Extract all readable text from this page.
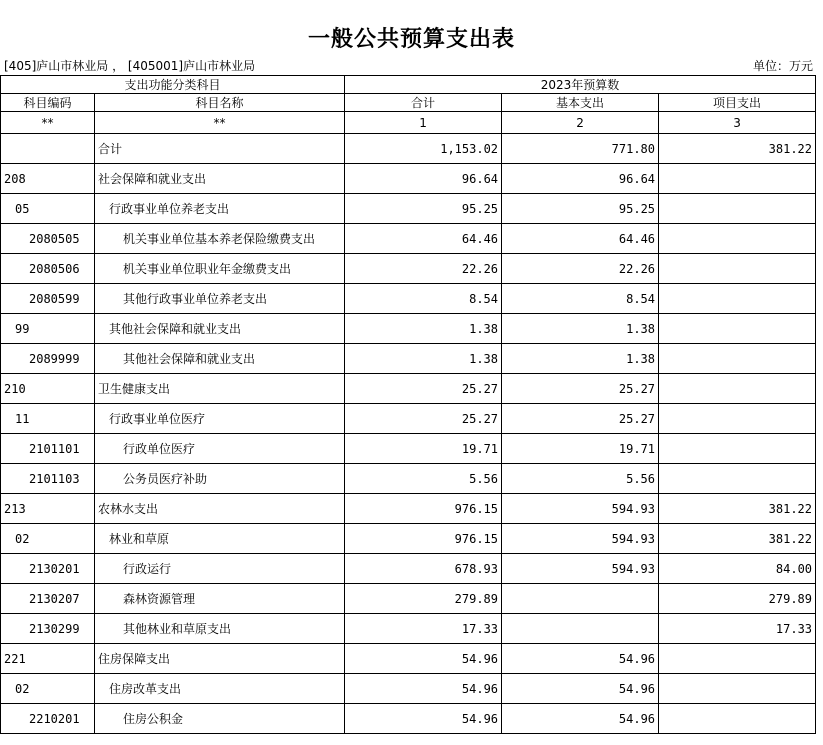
一般公共预算支出表
[405]庐山市林业局 ， [405001]庐山市林业局	单位：万元
支出功能分类科目		2023年预算数		
科目编码	科目名称	合计	基本支出	项目支出
**	**	1	2	3
	合计	1,153.02	771.80	381.22
208	社会保障和就业支出	96.64	96.64	
05	行政事业单位养老支出	95.25	95.25	
2080505	机关事业单位基本养老保险缴费支出	64.46	64.46	
2080506	机关事业单位职业年金缴费支出	22.26	22.26	
2080599	其他行政事业单位养老支出	8.54	8.54	
99	其他社会保障和就业支出	1.38	1.38	
2089999	其他社会保障和就业支出	1.38	1.38	
210	卫生健康支出	25.27	25.27	
11	行政事业单位医疗	25.27	25.27	
2101101	行政单位医疗	19.71	19.71	
2101103	公务员医疗补助	5.56	5.56	
213	农林水支出	976.15	594.93	381.22
02	林业和草原	976.15	594.93	381.22
2130201	行政运行	678.93	594.93	84.00
2130207	森林资源管理	279.89		279.89
2130299	其他林业和草原支出	17.33		17.33
221	住房保障支出	54.96	54.96	
02	住房改革支出	54.96	54.96	
2210201	住房公积金	54.96	54.96	
